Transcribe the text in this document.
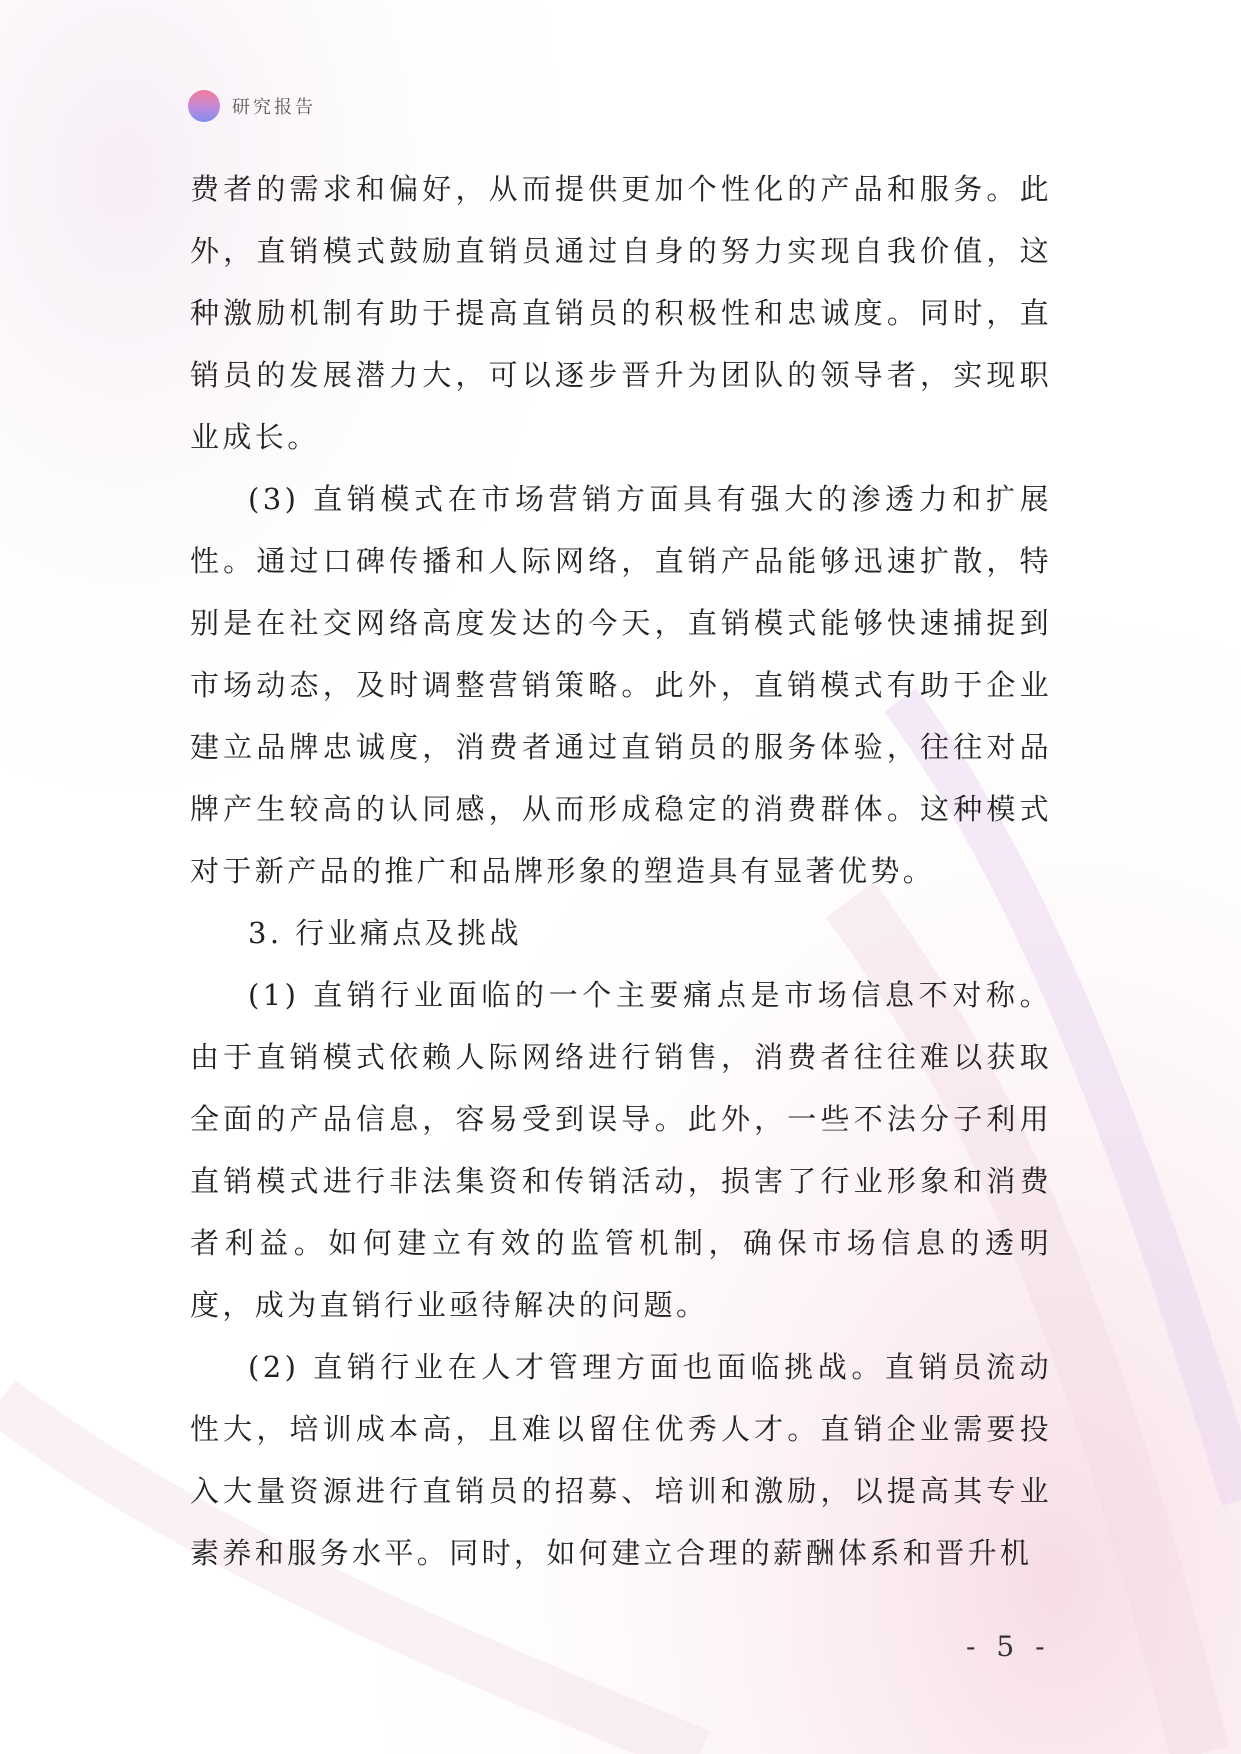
研究报告

费者的需求和偏好，从而提供更加个性化的产品和服务。此外，直销模式鼓励直销员通过自身的努力实现自我价值，这种激励机制有助于提高直销员的积极性和忠诚度。同时，直销员的发展潜力大，可以逐步晋升为团队的领导者，实现职业成长。

(3) 直销模式在市场营销方面具有强大的渗透力和扩展性。通过口碑传播和人际网络，直销产品能够迅速扩散，特别是在社交网络高度发达的今天，直销模式能够快速捕捉到市场动态，及时调整营销策略。此外，直销模式有助于企业建立品牌忠诚度，消费者通过直销员的服务体验，往往对品牌产生较高的认同感，从而形成稳定的消费群体。这种模式对于新产品的推广和品牌形象的塑造具有显著优势。

3. 行业痛点及挑战

(1) 直销行业面临的一个主要痛点是市场信息不对称。由于直销模式依赖人际网络进行销售，消费者往往难以获取全面的产品信息，容易受到误导。此外，一些不法分子利用直销模式进行非法集资和传销活动，损害了行业形象和消费者利益。如何建立有效的监管机制，确保市场信息的透明度，成为直销行业亟待解决的问题。

(2) 直销行业在人才管理方面也面临挑战。直销员流动性大，培训成本高，且难以留住优秀人才。直销企业需要投入大量资源进行直销员的招募、培训和激励，以提高其专业素养和服务水平。同时，如何建立合理的薪酬体系和晋升机

- 5 -
